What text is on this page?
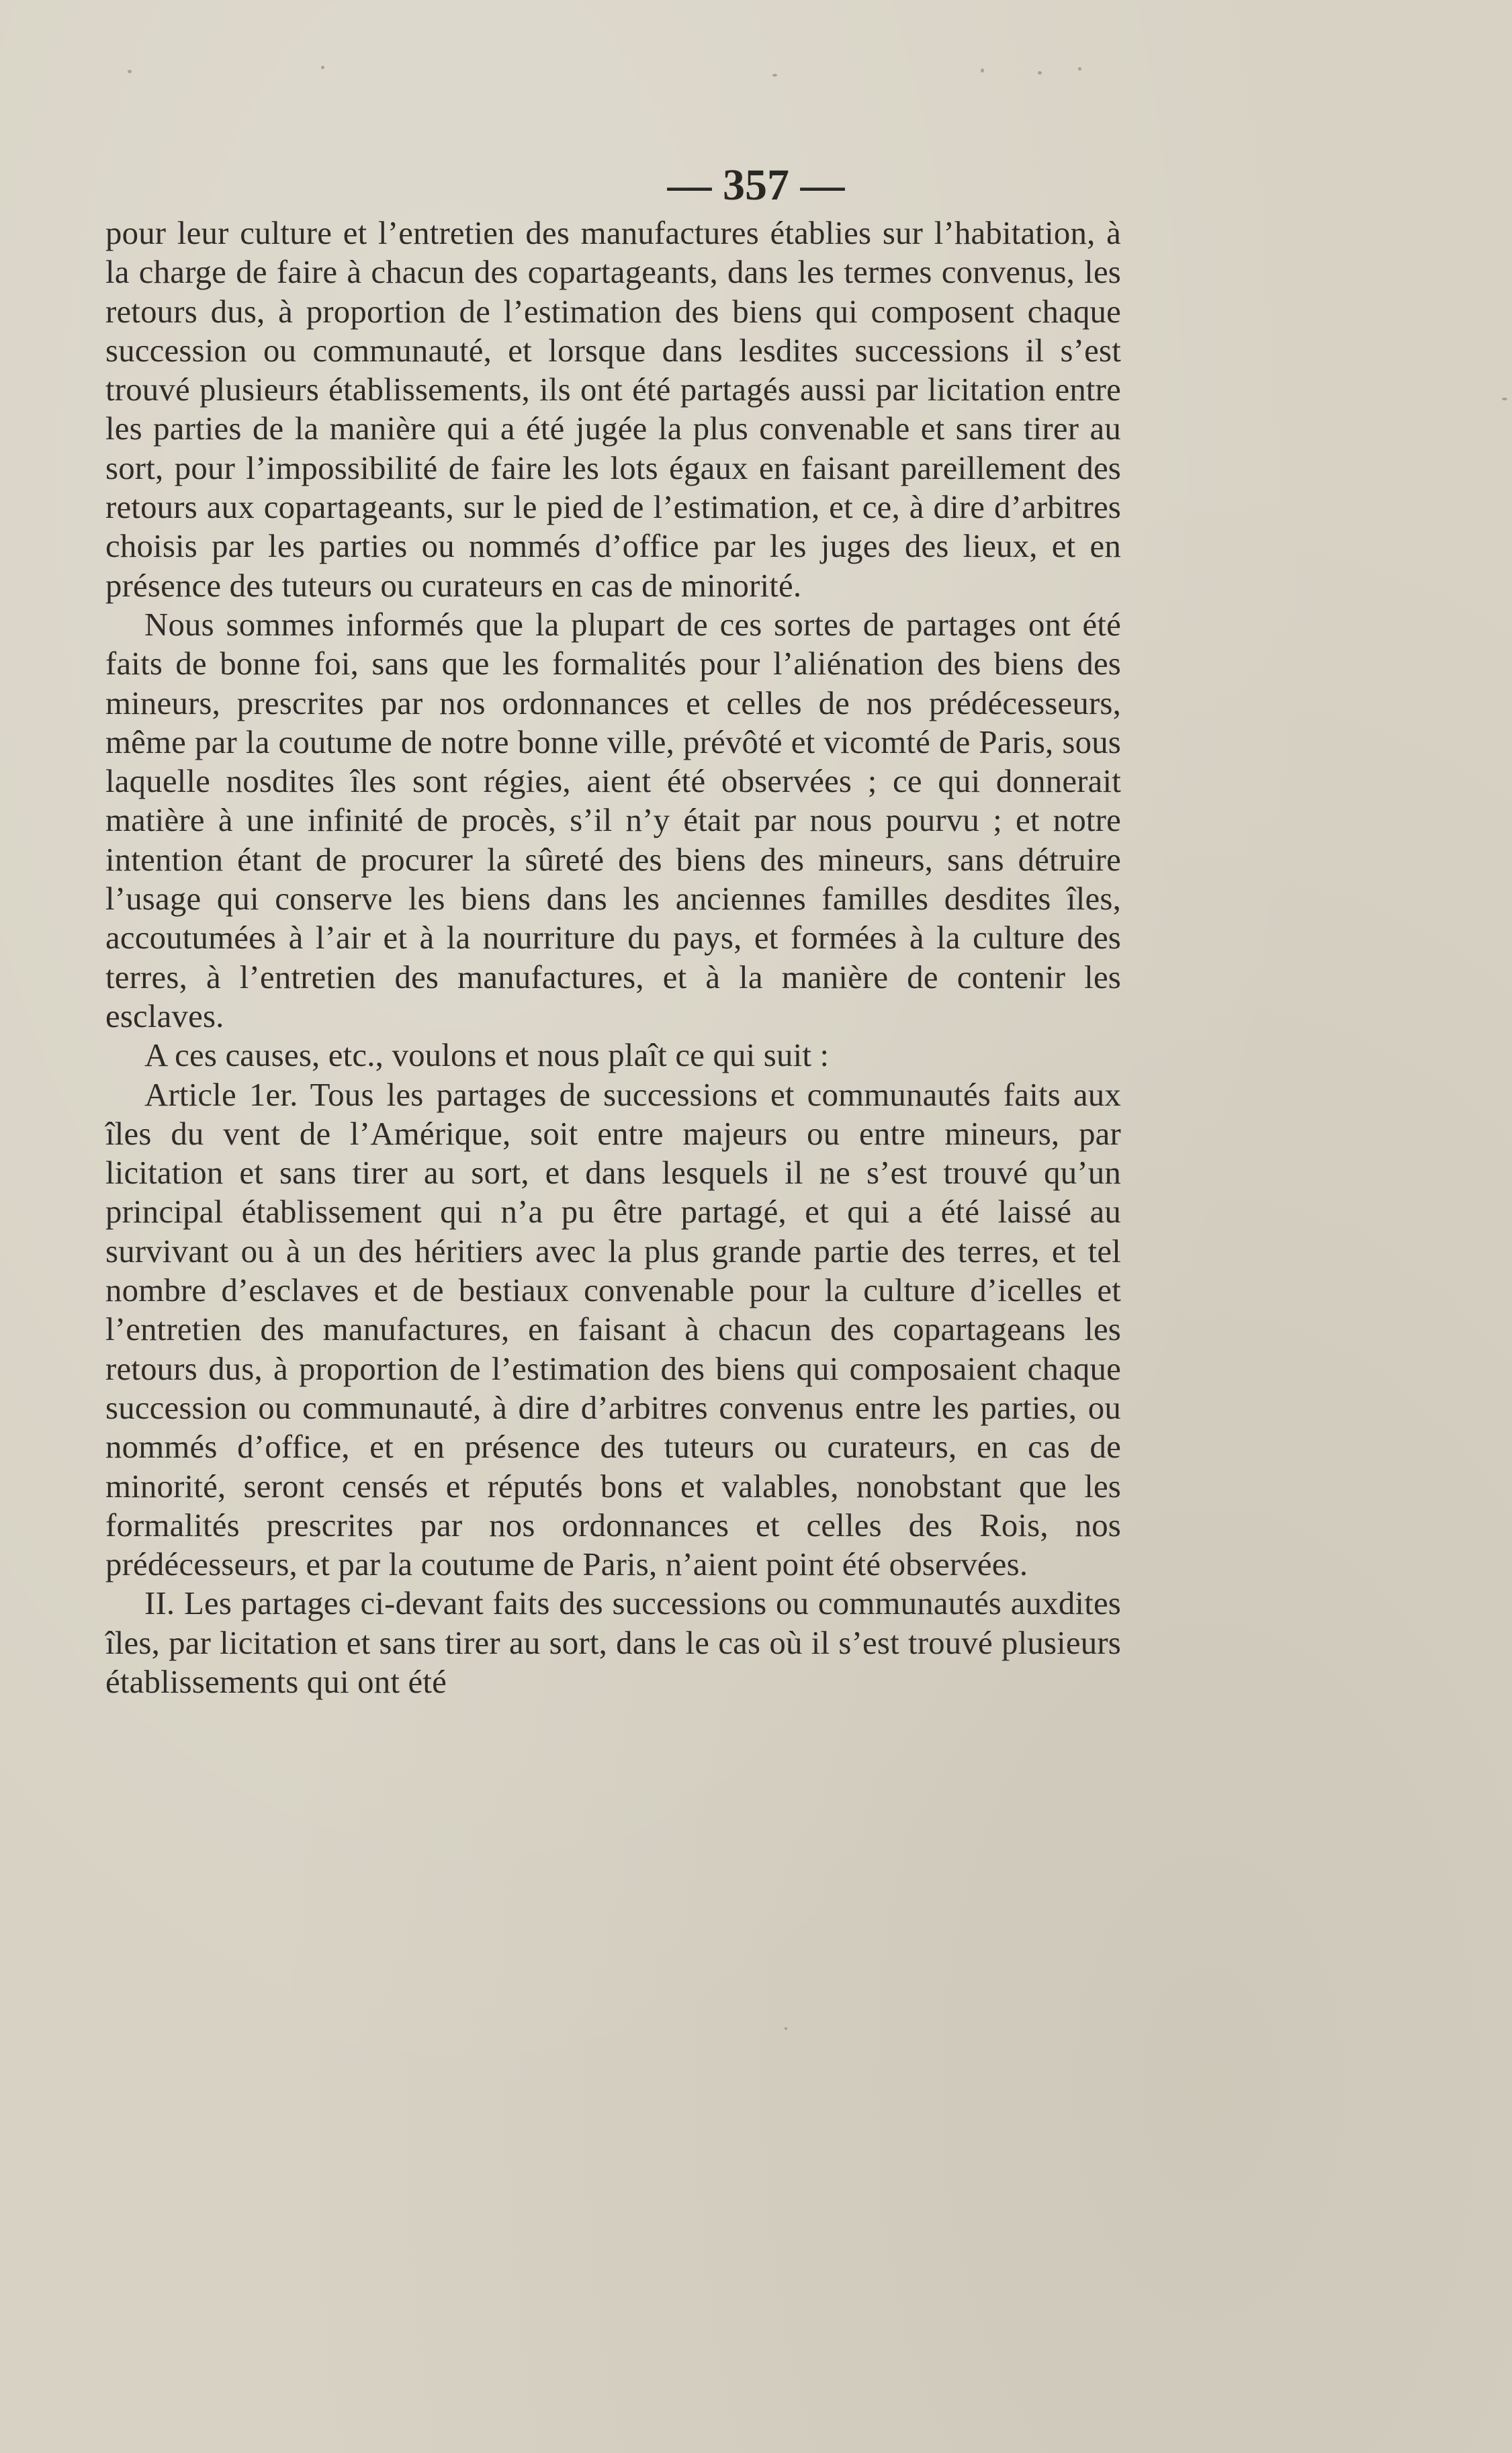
— 357 —

pour leur culture et l’entretien des manufactures établies sur l’habitation, à la charge de faire à chacun des copartageants, dans les termes convenus, les retours dus, à proportion de l’estimation des biens qui composent chaque succession ou communauté, et lorsque dans lesdites successions il s’est trouvé plusieurs établissements, ils ont été partagés aussi par licitation entre les parties de la manière qui a été jugée la plus convenable et sans tirer au sort, pour l’impossibilité de faire les lots égaux en faisant pareillement des retours aux copartageants, sur le pied de l’estimation, et ce, à dire d’arbitres choisis par les parties ou nommés d’office par les juges des lieux, et en présence des tuteurs ou curateurs en cas de minorité.

Nous sommes informés que la plupart de ces sortes de partages ont été faits de bonne foi, sans que les formalités pour l’aliénation des biens des mineurs, prescrites par nos ordonnances et celles de nos prédécesseurs, même par la coutume de notre bonne ville, prévôté et vicomté de Paris, sous laquelle nosdites îles sont régies, aient été observées ; ce qui donnerait matière à une infinité de procès, s’il n’y était par nous pourvu ; et notre intention étant de procurer la sûreté des biens des mineurs, sans détruire l’usage qui conserve les biens dans les anciennes familles desdites îles, accoutumées à l’air et à la nourriture du pays, et formées à la culture des terres, à l’entretien des manufactures, et à la manière de contenir les esclaves.

A ces causes, etc., voulons et nous plaît ce qui suit :

Article 1er. Tous les partages de successions et communautés faits aux îles du vent de l’Amérique, soit entre majeurs ou entre mineurs, par licitation et sans tirer au sort, et dans lesquels il ne s’est trouvé qu’un principal établissement qui n’a pu être partagé, et qui a été laissé au survivant ou à un des héritiers avec la plus grande partie des terres, et tel nombre d’esclaves et de bestiaux convenable pour la culture d’icelles et l’entretien des manufactures, en faisant à chacun des copartageans les retours dus, à proportion de l’estimation des biens qui composaient chaque succession ou communauté, à dire d’arbitres convenus entre les parties, ou nommés d’office, et en présence des tuteurs ou curateurs, en cas de minorité, seront censés et réputés bons et valables, nonobstant que les formalités prescrites par nos ordonnances et celles des Rois, nos prédécesseurs, et par la coutume de Paris, n’aient point été observées.

II. Les partages ci-devant faits des successions ou communautés auxdites îles, par licitation et sans tirer au sort, dans le cas où il s’est trouvé plusieurs établissements qui ont été
